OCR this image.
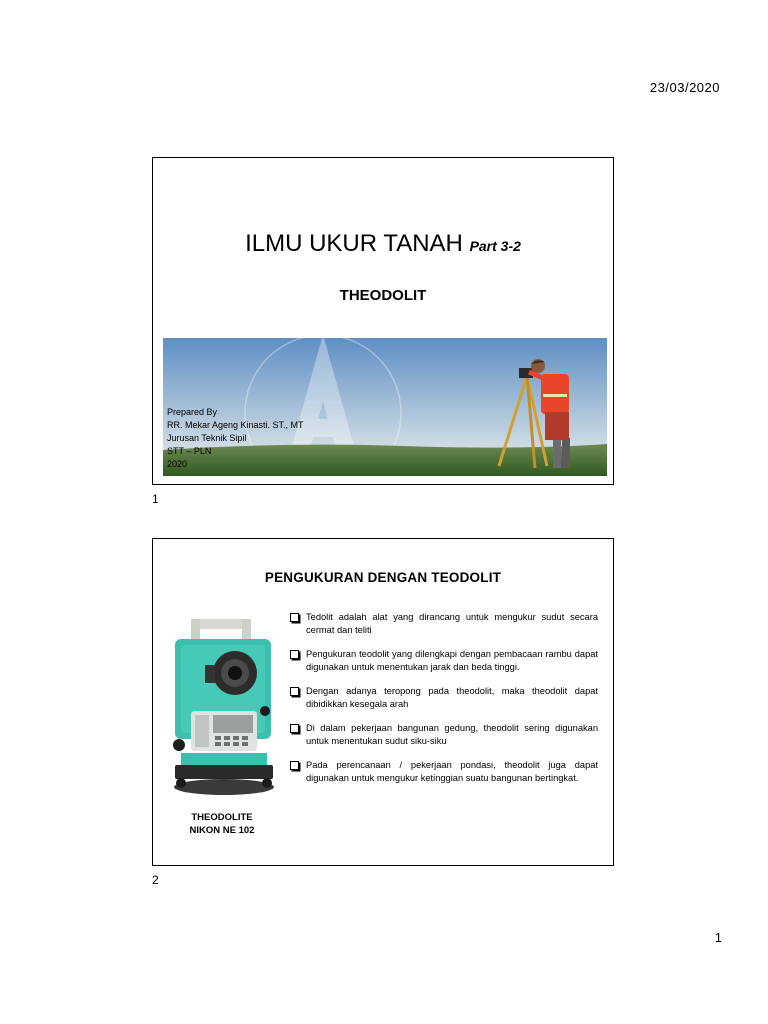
23/03/2020
ILMU UKUR TANAH Part 3-2
THEODOLIT
Prepared By
RR. Mekar Ageng Kinasti. ST., MT
Jurusan Teknik Sipil
STT – PLN
2020
1
PENGUKURAN DENGAN TEODOLIT
THEODOLITE
NIKON NE 102
Tedolit adalah alat yang dirancang untuk mengukur sudut secara cermat dan teliti
Pengukuran teodolit yang dilengkapi dengan pembacaan rambu dapat digunakan untuk menentukan jarak dan beda tinggi.
Dengan adanya teropong pada theodolit, maka theodolit dapat dibidikkan kesegala arah
Di dalam pekerjaan bangunan gedung, theodolit sering digunakan untuk menentukan sudut siku-siku
Pada perencanaan / pekerjaan pondasi, theodolit juga dapat digunakan untuk mengukur ketinggian suatu bangunan bertingkat.
2
1
